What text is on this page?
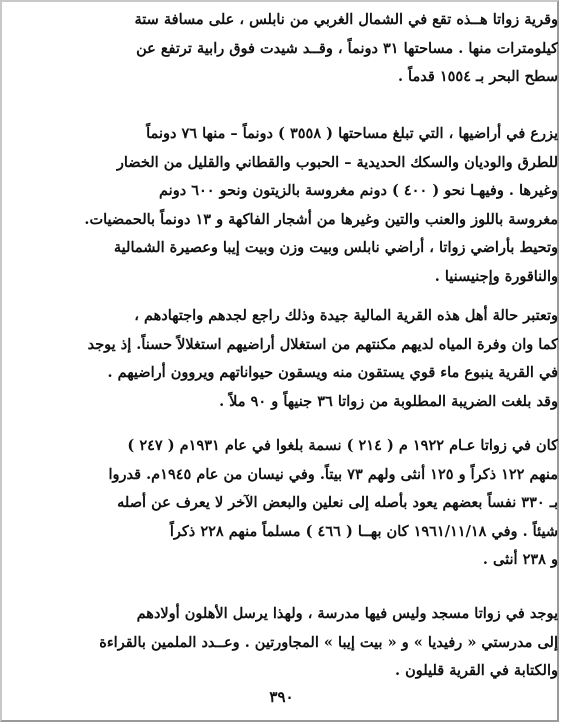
وقرية زواتا هــذه تقع في الشمال الغربي من نابلس ، على مسافة ستة
كيلومترات منها . مساحتها ٣١ دونماً ، وقــد شيدت فوق رابية ترتفع عن
سطح البحر بـ ١٥٥٤ قدماً .
يزرع في أراضيها ، التي تبلغ مساحتها ( ٣٥٥٨ ) دونماً – منها ٧٦ دونماً
للطرق والوديان والسكك الحديدية – الحبوب والقطاني والقليل من الخضار
وغيرها . وفيهـا نحو ( ٤٠٠ ) دونم مغروسة بالزيتون ونحو ٦٠٠ دونم
مغروسة باللوز والعنب والتين وغيرها من أشجار الفاكهة و ١٣ دونماً بالحمضيات.
وتحيط بأراضي زواتا ، أراضي نابلس وبيت وزن وبيت إيبا وعصيرة الشمالية
والناقورة وإجنيسنيا .
وتعتبر حالة أهل هذه القرية المالية جيدة وذلك راجع لجدهم واجتهادهم ،
كما وان وفرة المياه لديهم مكنتهم من استغلال أراضيهم استغلالاً حسناً. إذ يوجد
في القرية ينبوع ماء قوي يستقون منه ويسقون حيواناتهم ويروون أراضيهم .
وقد بلغت الضريبة المطلوبة من زواتا ٣٦ جنيهاً و ٩٠ ملاً .
كان في زواتا عـام ١٩٢٢ م ( ٢١٤ ) نسمة بلغوا في عام ١٩٣١م ( ٢٤٧ )
منهم ١٢٢ ذكراً و ١٢٥ أنثى ولهم ٧٣ بيتاً. وفي نيسان من عام ١٩٤٥م. قدروا
بـ ٣٣٠ نفساً بعضهم يعود بأصله إلى نعلين والبعض الآخر لا يعرف عن أصله
شيئاً . وفي ١٩٦١/١١/١٨ كان بهــا ( ٤٦٦ ) مسلماً منهم ٢٢٨ ذكراً
و ٢٣٨ أنثى .
يوجد في زواتا مسجد وليس فيها مدرسة ، ولهذا يرسل الأهلون أولادهم
إلى مدرستي « رفيديا » و « بيت إيبا » المجاورتين . وعــدد الملمين بالقراءة
والكتابة في القرية قليلون .
٣٩٠
